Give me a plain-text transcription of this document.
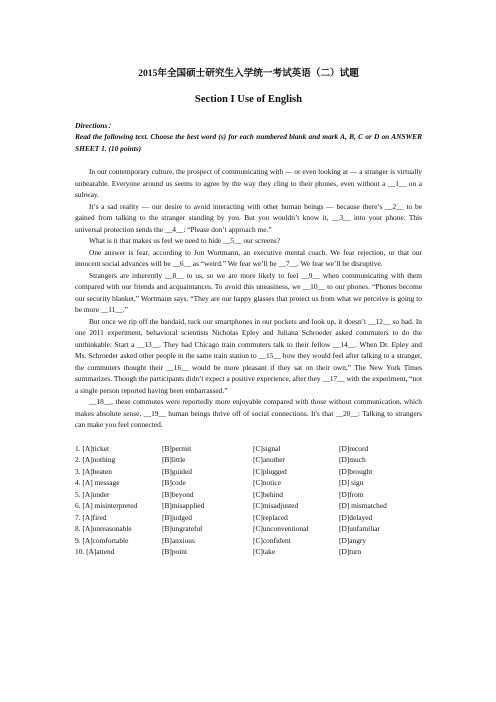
2015年全国硕士研究生入学统一考试英语（二）试题

Section I Use of English

Directions：

Read the following text. Choose the best word (s) for each numbered blank and mark A, B, C or D on ANSWER SHEET 1. (10 points)

In our contemporary culture, the prospect of communicating with — or even looking at — a stranger is virtually unbearable. Everyone around us seems to agree by the way they cling to their phones, even without a __1__ on a subway.

It’s a sad reality — our desire to avoid interacting with other human beings — because there’s __2__ to be gained from talking to the stranger standing by you. But you wouldn’t know it, __3__ into your phone. This universal protection sends the __4__: “Please don’t approach me.”

What is it that makes us feel we need to hide __5__ our screens?

One answer is fear, according to Jon Wortmann, an executive mental coach. We fear rejection, or that our innocent social advances will be __6__ as “weird.” We fear we’ll be __7__. We fear we’ll be disruptive.

Strangers are inherently __8__ to us, so we are more likely to feel __9__ when communicating with them compared with our friends and acquaintances. To avoid this uneasiness, we __10__ to our phones. “Phones become our security blanket,” Wortmann says. “They are our happy glasses that protect us from what we perceive is going to be more __11__.”

But once we rip off the bandaid, tuck our smartphones in our pockets and look up, it doesn’t __12__ so bad. In one 2011 experiment, behavioral scientists Nicholas Epley and Juliana Schroeder asked commuters to do the unthinkable: Start a __13__. They had Chicago train commuters talk to their fellow __14__. When Dr. Epley and Ms. Schroeder asked other people in the same train station to __15__ how they would feel after talking to a stranger, the commuters thought their __16__ would be more pleasant if they sat on their own,” The New York Times summarizes. Though the participants didn’t expect a positive experience, after they __17__ with the experiment, “not a single person reported having been embarrassed.”

__18__, these commutes were reportedly more enjoyable compared with those without communication, which makes absolute sense, __19__ human beings thrive off of social connections. It's that __20__: Talking to strangers can make you feel connected.

1. [A]ticket	[B]permit	[C]signal	[D]record
2. [A]nothing	[B]little	[C]another	[D]much
3. [A]beaten	[B]guided	[C]plugged	[D]brought
4. [A] message	[B]code	[C]notice	[D] sign
5. [A]under	[B]beyond	[C]behind	[D]from
6. [A] misinterpreted	[B]misapplied	[C]misadjusted	[D] mismatched
7. [A]fired	[B]judged	[C]replaced	[D]delayed
8. [A]unreasonable	[B]ungrateful	[C]unconventional	[D]unfamiliar
9. [A]comfortable	[B]anxious	[C]confident	[D]angry
10. [A]attend	[B]point	[C]take	[D]turn
